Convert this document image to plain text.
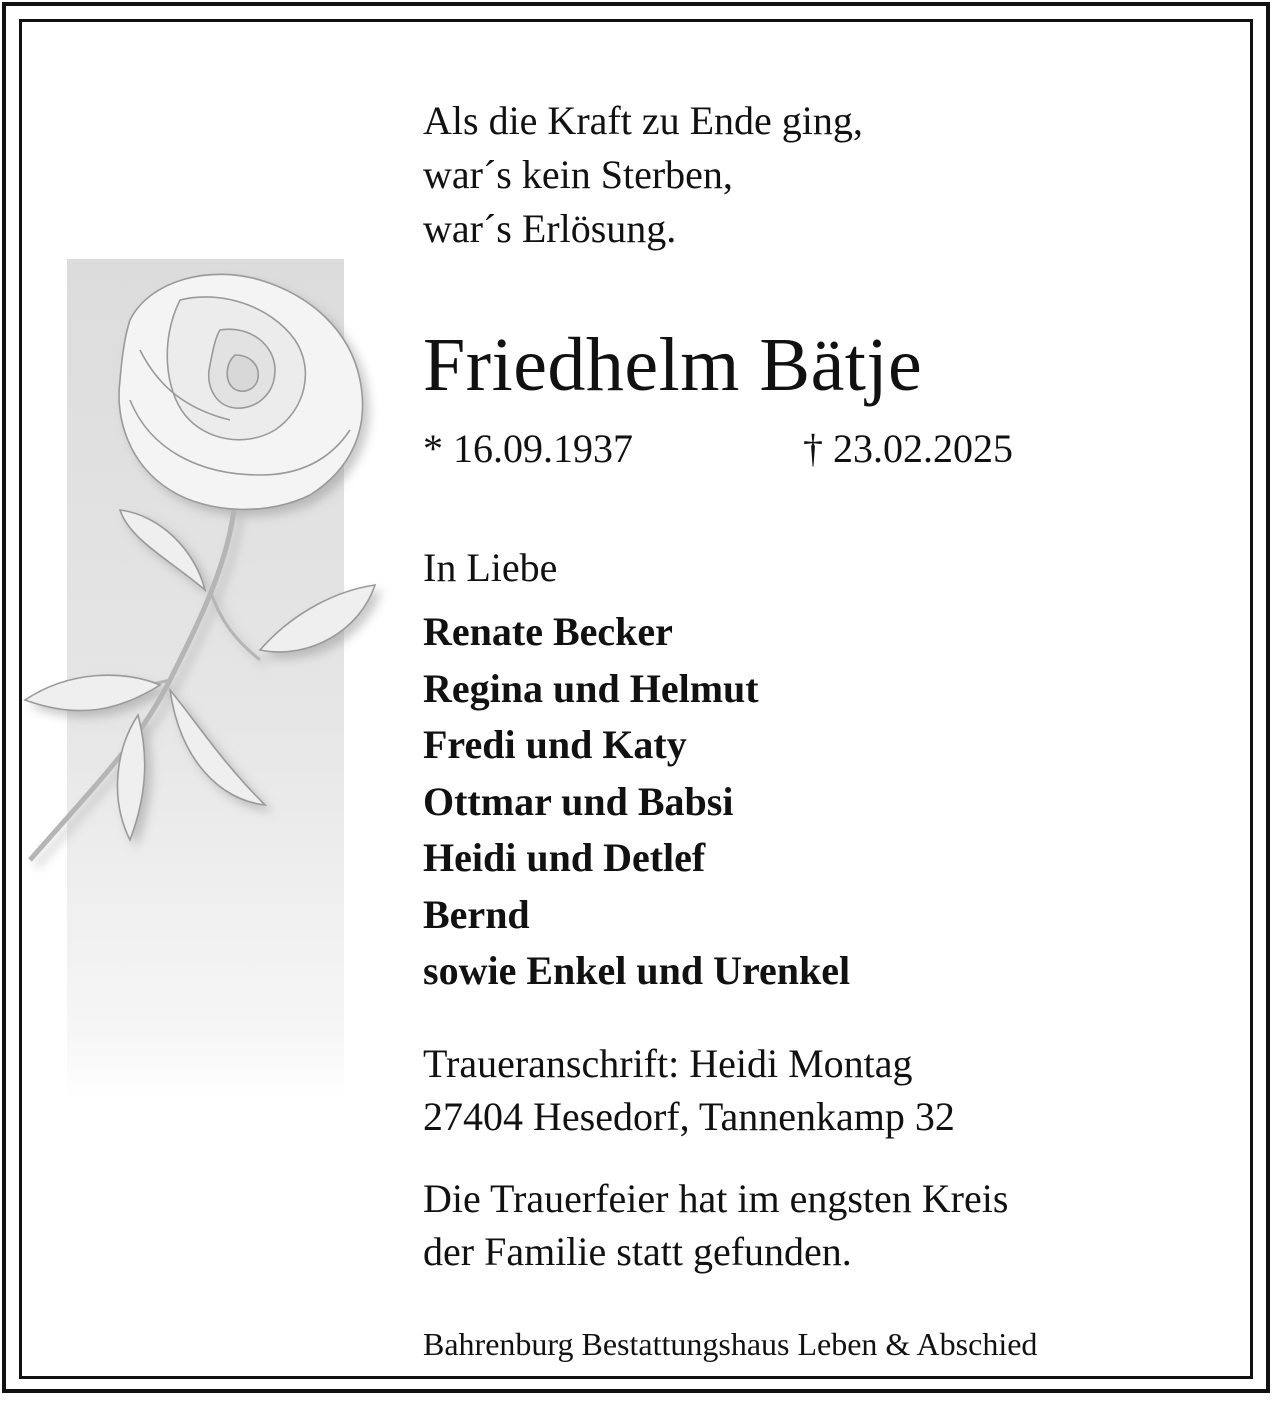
Als die Kraft zu Ende ging,
war´s kein Sterben,
war´s Erlösung.
Friedhelm Bätje
* 16.09.1937	† 23.02.2025
In Liebe
Renate Becker
Regina und Helmut
Fredi und Katy
Ottmar und Babsi
Heidi und Detlef
Bernd
sowie Enkel und Urenkel
Traueranschrift: Heidi Montag
27404 Hesedorf, Tannenkamp 32
Die Trauerfeier hat im engsten Kreis
der Familie statt gefunden.
Bahrenburg Bestattungshaus Leben & Abschied
